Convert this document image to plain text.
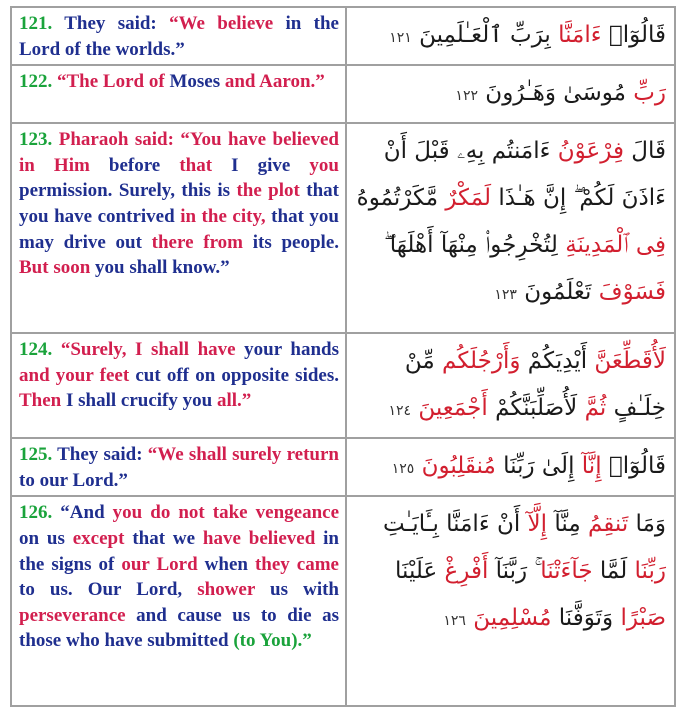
121. They said: “We believe in the Lord of the worlds.”	قَالُوٓا۟ ءَامَنَّا بِرَبِّ ٱلْعَـٰلَمِينَ ١٢١
122. “The Lord of Moses and Aaron.”	رَبِّ مُوسَىٰ وَهَـٰرُونَ ١٢٢
123. Pharaoh said: “You have believed in Him before that I give you permission. Surely, this is the plot that you have contrived in the city, that you may drive out there from its people. But soon you shall know.”	قَالَ فِرْعَوْنُ ءَامَنتُم بِهِۦ قَبْلَ أَنْ ءَاذَنَ لَكُمْ ۖ إِنَّ هَـٰذَا لَمَكْرٌ مَّكَرْتُمُوهُ فِى ٱلْمَدِينَةِ لِتُخْرِجُوا۟ مِنْهَآ أَهْلَهَا ۖ فَسَوْفَ تَعْلَمُونَ ١٢٣
124. “Surely, I shall have your hands and your feet cut off on opposite sides. Then I shall crucify you all.”	لَأُقَطِّعَنَّ أَيْدِيَكُمْ وَأَرْجُلَكُم مِّنْ خِلَـٰفٍ ثُمَّ لَأُصَلِّبَنَّكُمْ أَجْمَعِينَ ١٢٤
125. They said: “We shall surely return to our Lord.”	قَالُوٓا۟ إِنَّآ إِلَىٰ رَبِّنَا مُنقَلِبُونَ ١٢٥
126. “And you do not take vengeance on us except that we have believed in the signs of our Lord when they came to us. Our Lord, shower us with perseverance and cause us to die as those who have submitted (to You).”	وَمَا تَنقِمُ مِنَّآ إِلَّآ أَنْ ءَامَنَّا بِـَٔايَـٰتِ رَبِّنَا لَمَّا جَآءَتْنَا ۚ رَبَّنَآ أَفْرِغْ عَلَيْنَا صَبْرًا وَتَوَفَّنَا مُسْلِمِينَ ١٢٦
